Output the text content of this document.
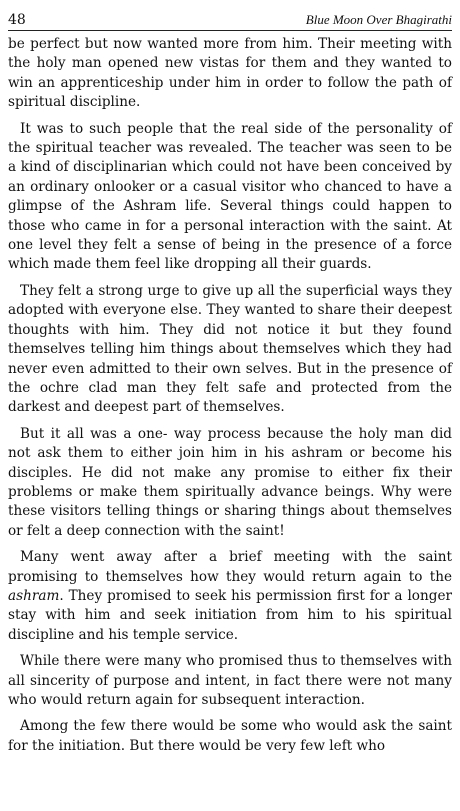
48	Blue Moon Over Bhagirathi

be perfect but now wanted more from him. Their meeting with the holy man opened new vistas for them and they wanted to win an apprenticeship under him in order to follow the path of spiritual discipline.

It was to such people that the real side of the personality of the spiritual teacher was revealed. The teacher was seen to be a kind of disciplinarian which could not have been conceived by an ordinary onlooker or a casual visitor who chanced to have a glimpse of the Ashram life. Several things could happen to those who came in for a personal interaction with the saint. At one level they felt a sense of being in the presence of a force which made them feel like dropping all their guards.

They felt a strong urge to give up all the superficial ways they adopted with everyone else. They wanted to share their deepest thoughts with him. They did not notice it but they found themselves telling him things about themselves which they had never even admitted to their own selves. But in the presence of the ochre clad man they felt safe and protected from the darkest and deepest part of themselves.

But it all was a one- way process because the holy man did not ask them to either join him in his ashram or become his disciples. He did not make any promise to either fix their problems or make them spiritually advance beings. Why were these visitors telling things or sharing things about themselves or felt a deep connection with the saint!

Many went away after a brief meeting with the saint promising to themselves how they would return again to the ashram. They promised to seek his permission first for a longer stay with him and seek initiation from him to his spiritual discipline and his temple service.

While there were many who promised thus to themselves with all sincerity of purpose and intent, in fact there were not many who would return again for subsequent interaction.

Among the few there would be some who would ask the saint for the initiation. But there would be very few left who
